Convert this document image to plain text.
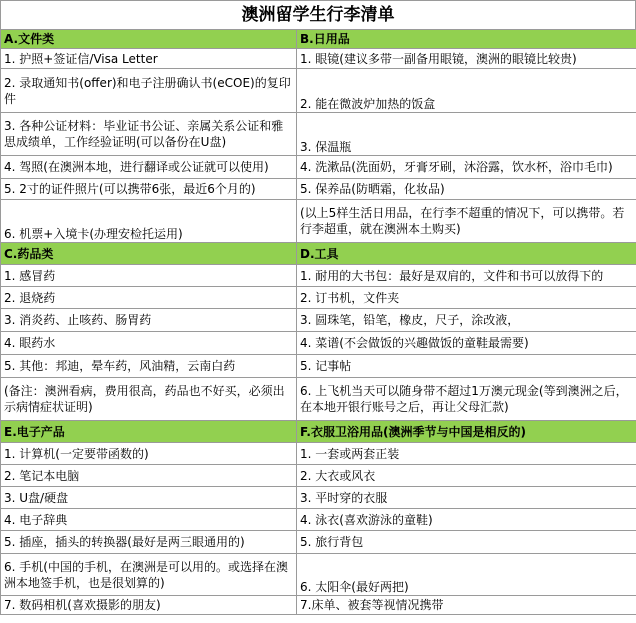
澳洲留学生行李清单
A.文件类	B.日用品
1. 护照+签证信/Visa Letter	1. 眼镜(建议多带一副备用眼镜，澳洲的眼镜比较贵)
2. 录取通知书(offer)和电子注册确认书(eCOE)的复印件	2. 能在微波炉加热的饭盒
3. 各种公证材料：毕业证书公证、亲属关系公证和雅思成绩单，工作经验证明(可以备份在U盘)	3. 保温瓶
4. 驾照(在澳洲本地，进行翻译或公证就可以使用)	4. 洗漱品(洗面奶，牙膏牙刷，沐浴露，饮水杯，浴巾毛巾)
5. 2寸的证件照片(可以携带6张，最近6个月的)	5. 保养品(防晒霜，化妆品)
6. 机票+入境卡(办理安检托运用)	(以上5样生活日用品，在行李不超重的情况下，可以携带。若行李超重，就在澳洲本土购买)
C.药品类	D.工具
1. 感冒药	1. 耐用的大书包：最好是双肩的，文件和书可以放得下的
2. 退烧药	2. 订书机，文件夹
3. 消炎药、止咳药、肠胃药	3. 圆珠笔，铅笔，橡皮，尺子，涂改液，
4. 眼药水	4. 菜谱(不会做饭的兴趣做饭的童鞋最需要)
5. 其他：邦迪，晕车药，风油精，云南白药	5. 记事帖
(备注：澳洲看病，费用很高，药品也不好买，必须出示病情症状证明)	6. 上飞机当天可以随身带不超过1万澳元现金(等到澳洲之后，在本地开银行账号之后，再让父母汇款)
E.电子产品	F.衣服卫浴用品(澳洲季节与中国是相反的)
1. 计算机(一定要带函数的)	1. 一套或两套正装
2. 笔记本电脑	2. 大衣或风衣
3. U盘/硬盘	3. 平时穿的衣服
4. 电子辞典	4. 泳衣(喜欢游泳的童鞋)
5. 插座，插头的转换器(最好是两三眼通用的)	5. 旅行背包
6. 手机(中国的手机，在澳洲是可以用的。或选择在澳洲本地签手机，也是很划算的)	6. 太阳伞(最好两把)
7. 数码相机(喜欢摄影的朋友)	7.床单、被套等视情况携带
